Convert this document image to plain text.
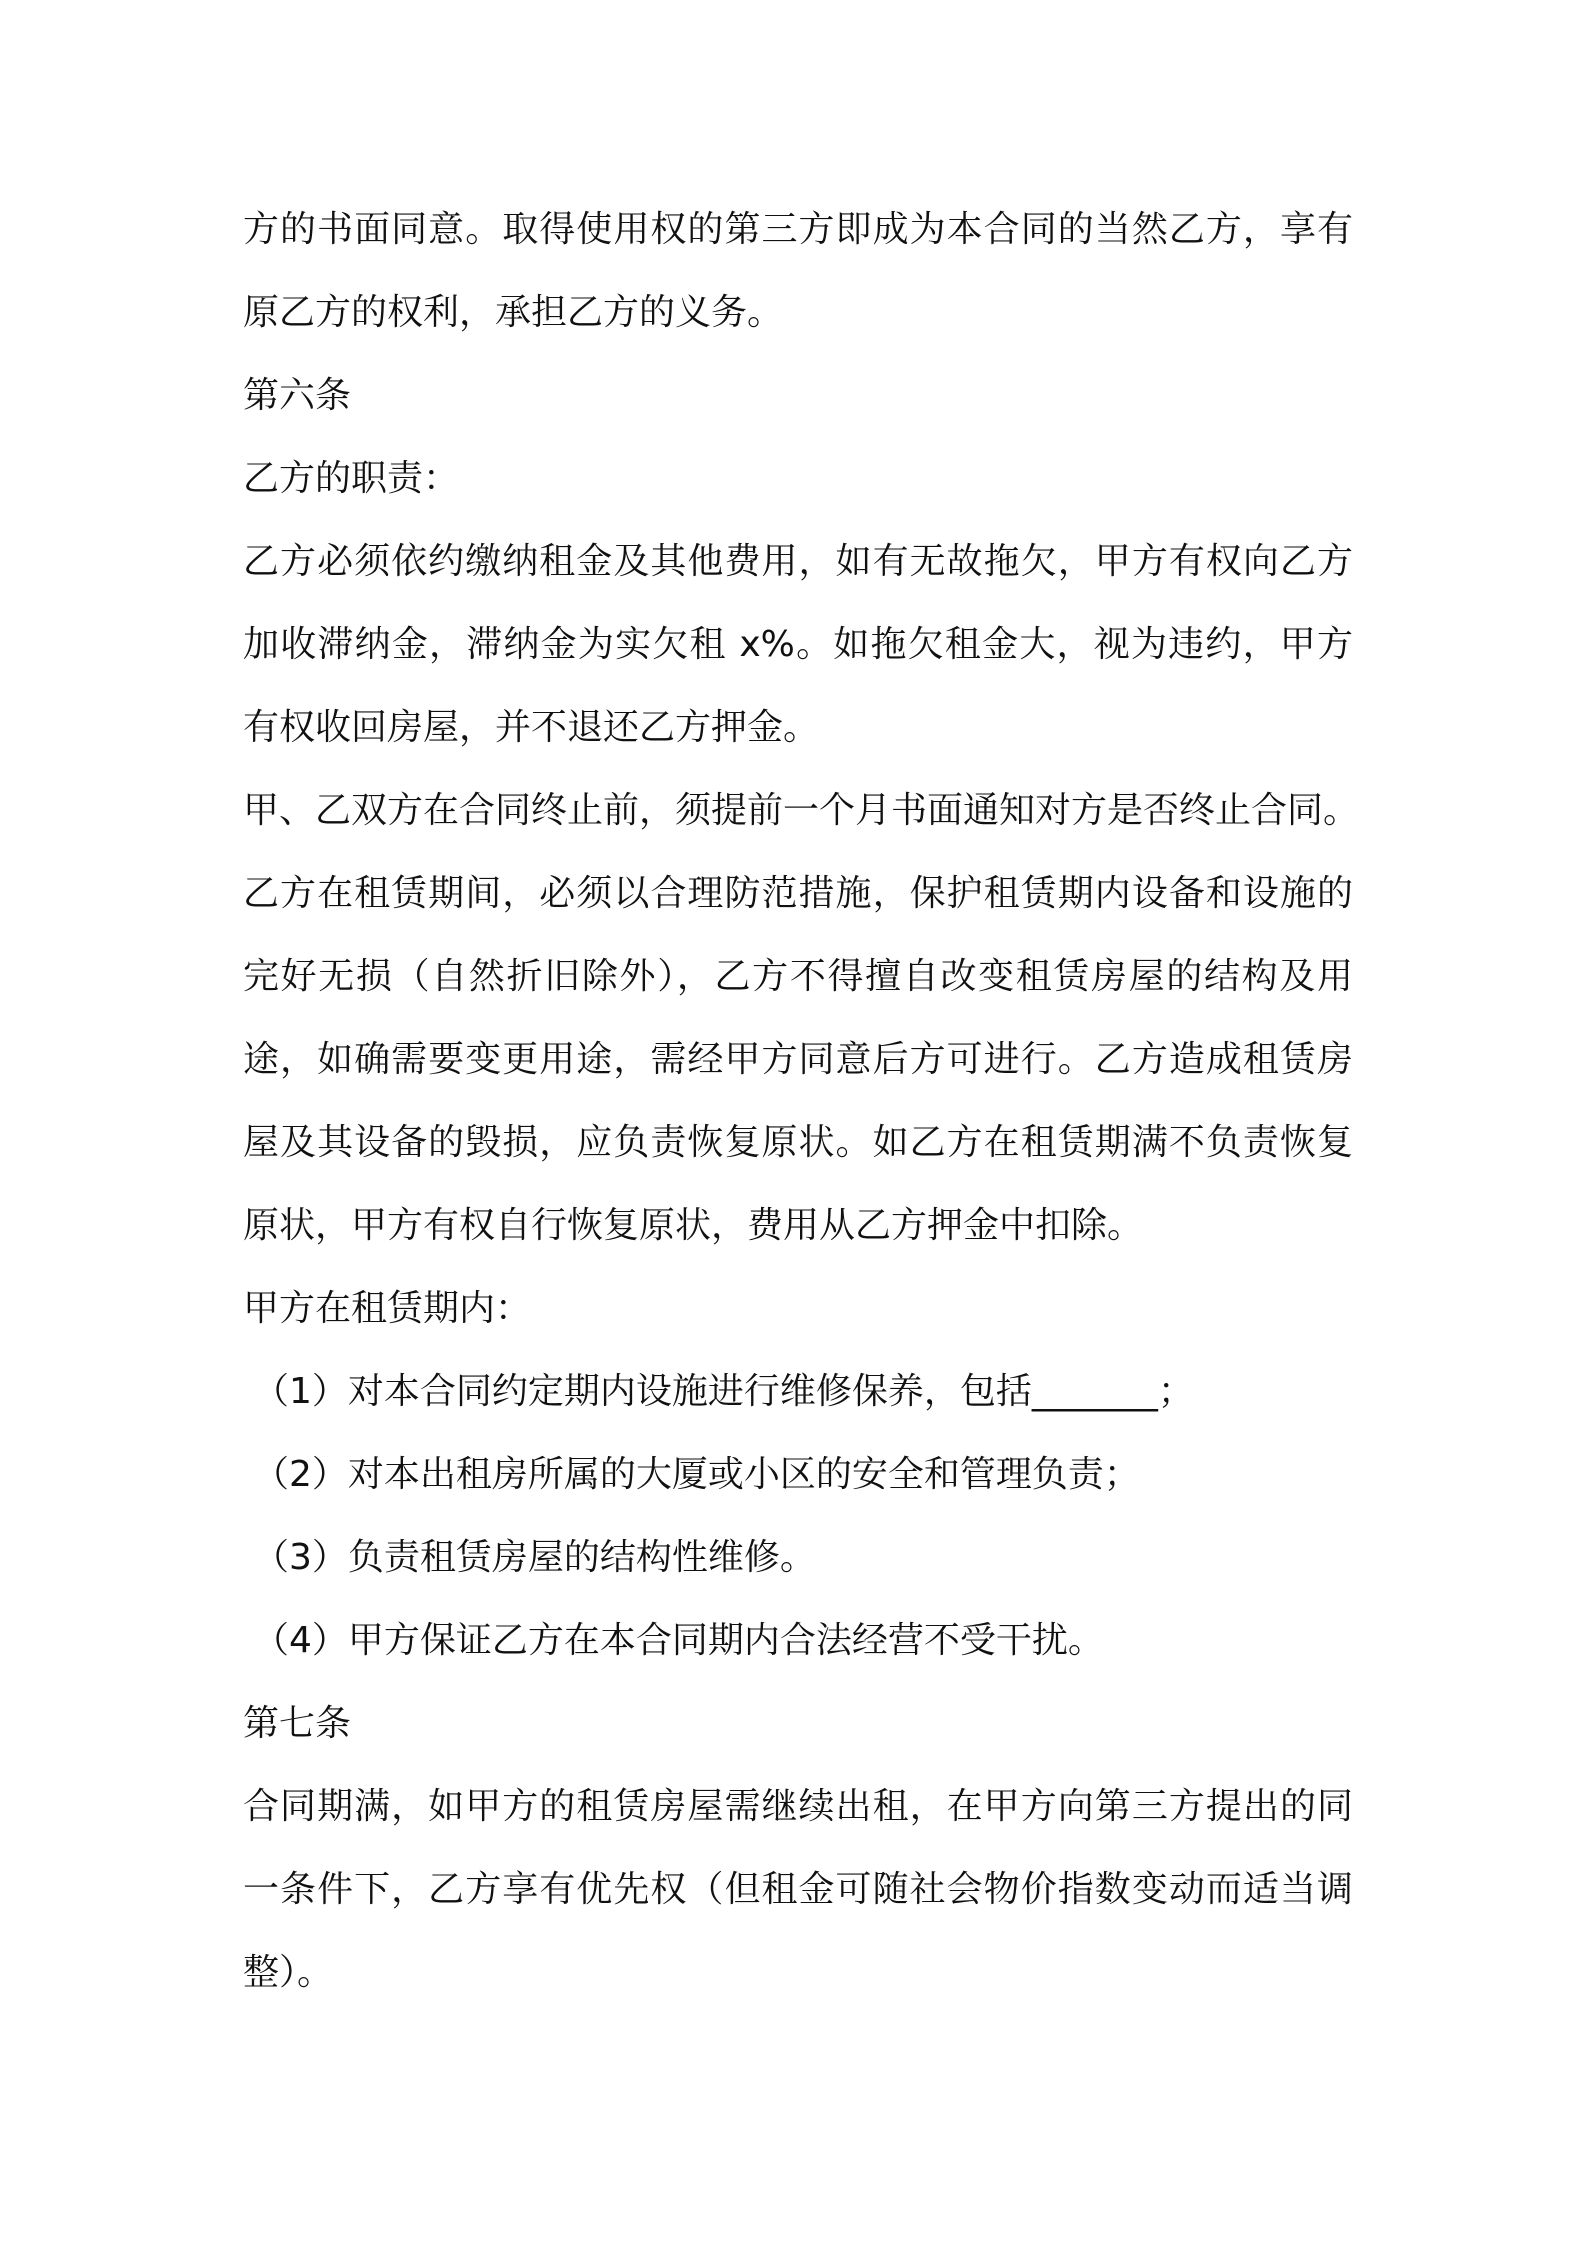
方的书面同意。取得使用权的第三方即成为本合同的当然乙方，享有
原乙方的权利，承担乙方的义务。
第六条
乙方的职责：
乙方必须依约缴纳租金及其他费用，如有无故拖欠，甲方有权向乙方
加收滞纳金，滞纳金为实欠租 x%。如拖欠租金大，视为违约，甲方
有权收回房屋，并不退还乙方押金。
甲、乙双方在合同终止前，须提前一个月书面通知对方是否终止合同。
乙方在租赁期间，必须以合理防范措施，保护租赁期内设备和设施的
完好无损（自然折旧除外），乙方不得擅自改变租赁房屋的结构及用
途，如确需要变更用途，需经甲方同意后方可进行。乙方造成租赁房
屋及其设备的毁损，应负责恢复原状。如乙方在租赁期满不负责恢复
原状，甲方有权自行恢复原状，费用从乙方押金中扣除。
甲方在租赁期内：
（1）对本合同约定期内设施进行维修保养，包括_______；
（2）对本出租房所属的大厦或小区的安全和管理负责；
（3）负责租赁房屋的结构性维修。
（4）甲方保证乙方在本合同期内合法经营不受干扰。
第七条
合同期满，如甲方的租赁房屋需继续出租，在甲方向第三方提出的同
一条件下，乙方享有优先权（但租金可随社会物价指数变动而适当调
整）。
